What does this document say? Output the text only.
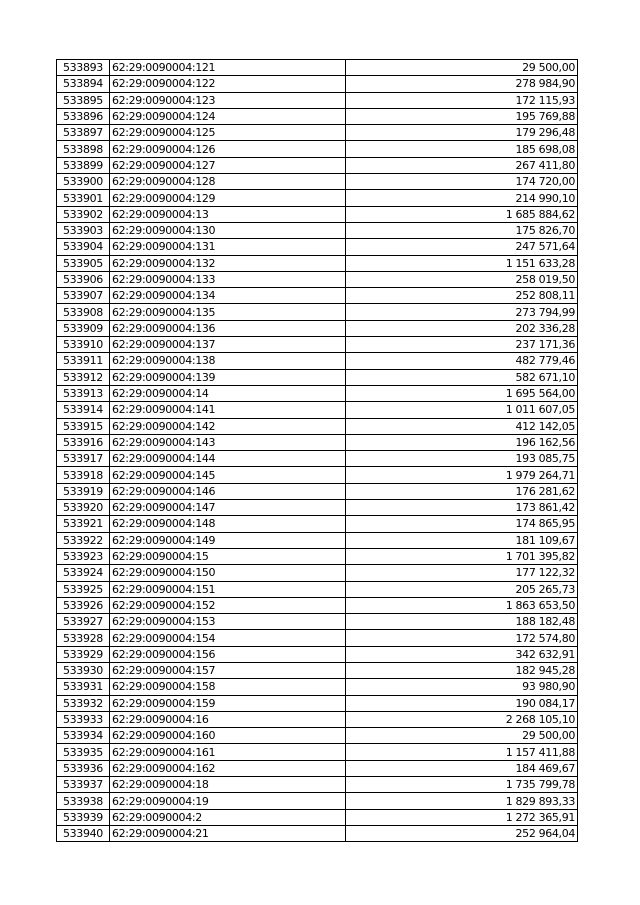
533893	62:29:0090004:121	29 500,00
533894	62:29:0090004:122	278 984,90
533895	62:29:0090004:123	172 115,93
533896	62:29:0090004:124	195 769,88
533897	62:29:0090004:125	179 296,48
533898	62:29:0090004:126	185 698,08
533899	62:29:0090004:127	267 411,80
533900	62:29:0090004:128	174 720,00
533901	62:29:0090004:129	214 990,10
533902	62:29:0090004:13	1 685 884,62
533903	62:29:0090004:130	175 826,70
533904	62:29:0090004:131	247 571,64
533905	62:29:0090004:132	1 151 633,28
533906	62:29:0090004:133	258 019,50
533907	62:29:0090004:134	252 808,11
533908	62:29:0090004:135	273 794,99
533909	62:29:0090004:136	202 336,28
533910	62:29:0090004:137	237 171,36
533911	62:29:0090004:138	482 779,46
533912	62:29:0090004:139	582 671,10
533913	62:29:0090004:14	1 695 564,00
533914	62:29:0090004:141	1 011 607,05
533915	62:29:0090004:142	412 142,05
533916	62:29:0090004:143	196 162,56
533917	62:29:0090004:144	193 085,75
533918	62:29:0090004:145	1 979 264,71
533919	62:29:0090004:146	176 281,62
533920	62:29:0090004:147	173 861,42
533921	62:29:0090004:148	174 865,95
533922	62:29:0090004:149	181 109,67
533923	62:29:0090004:15	1 701 395,82
533924	62:29:0090004:150	177 122,32
533925	62:29:0090004:151	205 265,73
533926	62:29:0090004:152	1 863 653,50
533927	62:29:0090004:153	188 182,48
533928	62:29:0090004:154	172 574,80
533929	62:29:0090004:156	342 632,91
533930	62:29:0090004:157	182 945,28
533931	62:29:0090004:158	93 980,90
533932	62:29:0090004:159	190 084,17
533933	62:29:0090004:16	2 268 105,10
533934	62:29:0090004:160	29 500,00
533935	62:29:0090004:161	1 157 411,88
533936	62:29:0090004:162	184 469,67
533937	62:29:0090004:18	1 735 799,78
533938	62:29:0090004:19	1 829 893,33
533939	62:29:0090004:2	1 272 365,91
533940	62:29:0090004:21	252 964,04
